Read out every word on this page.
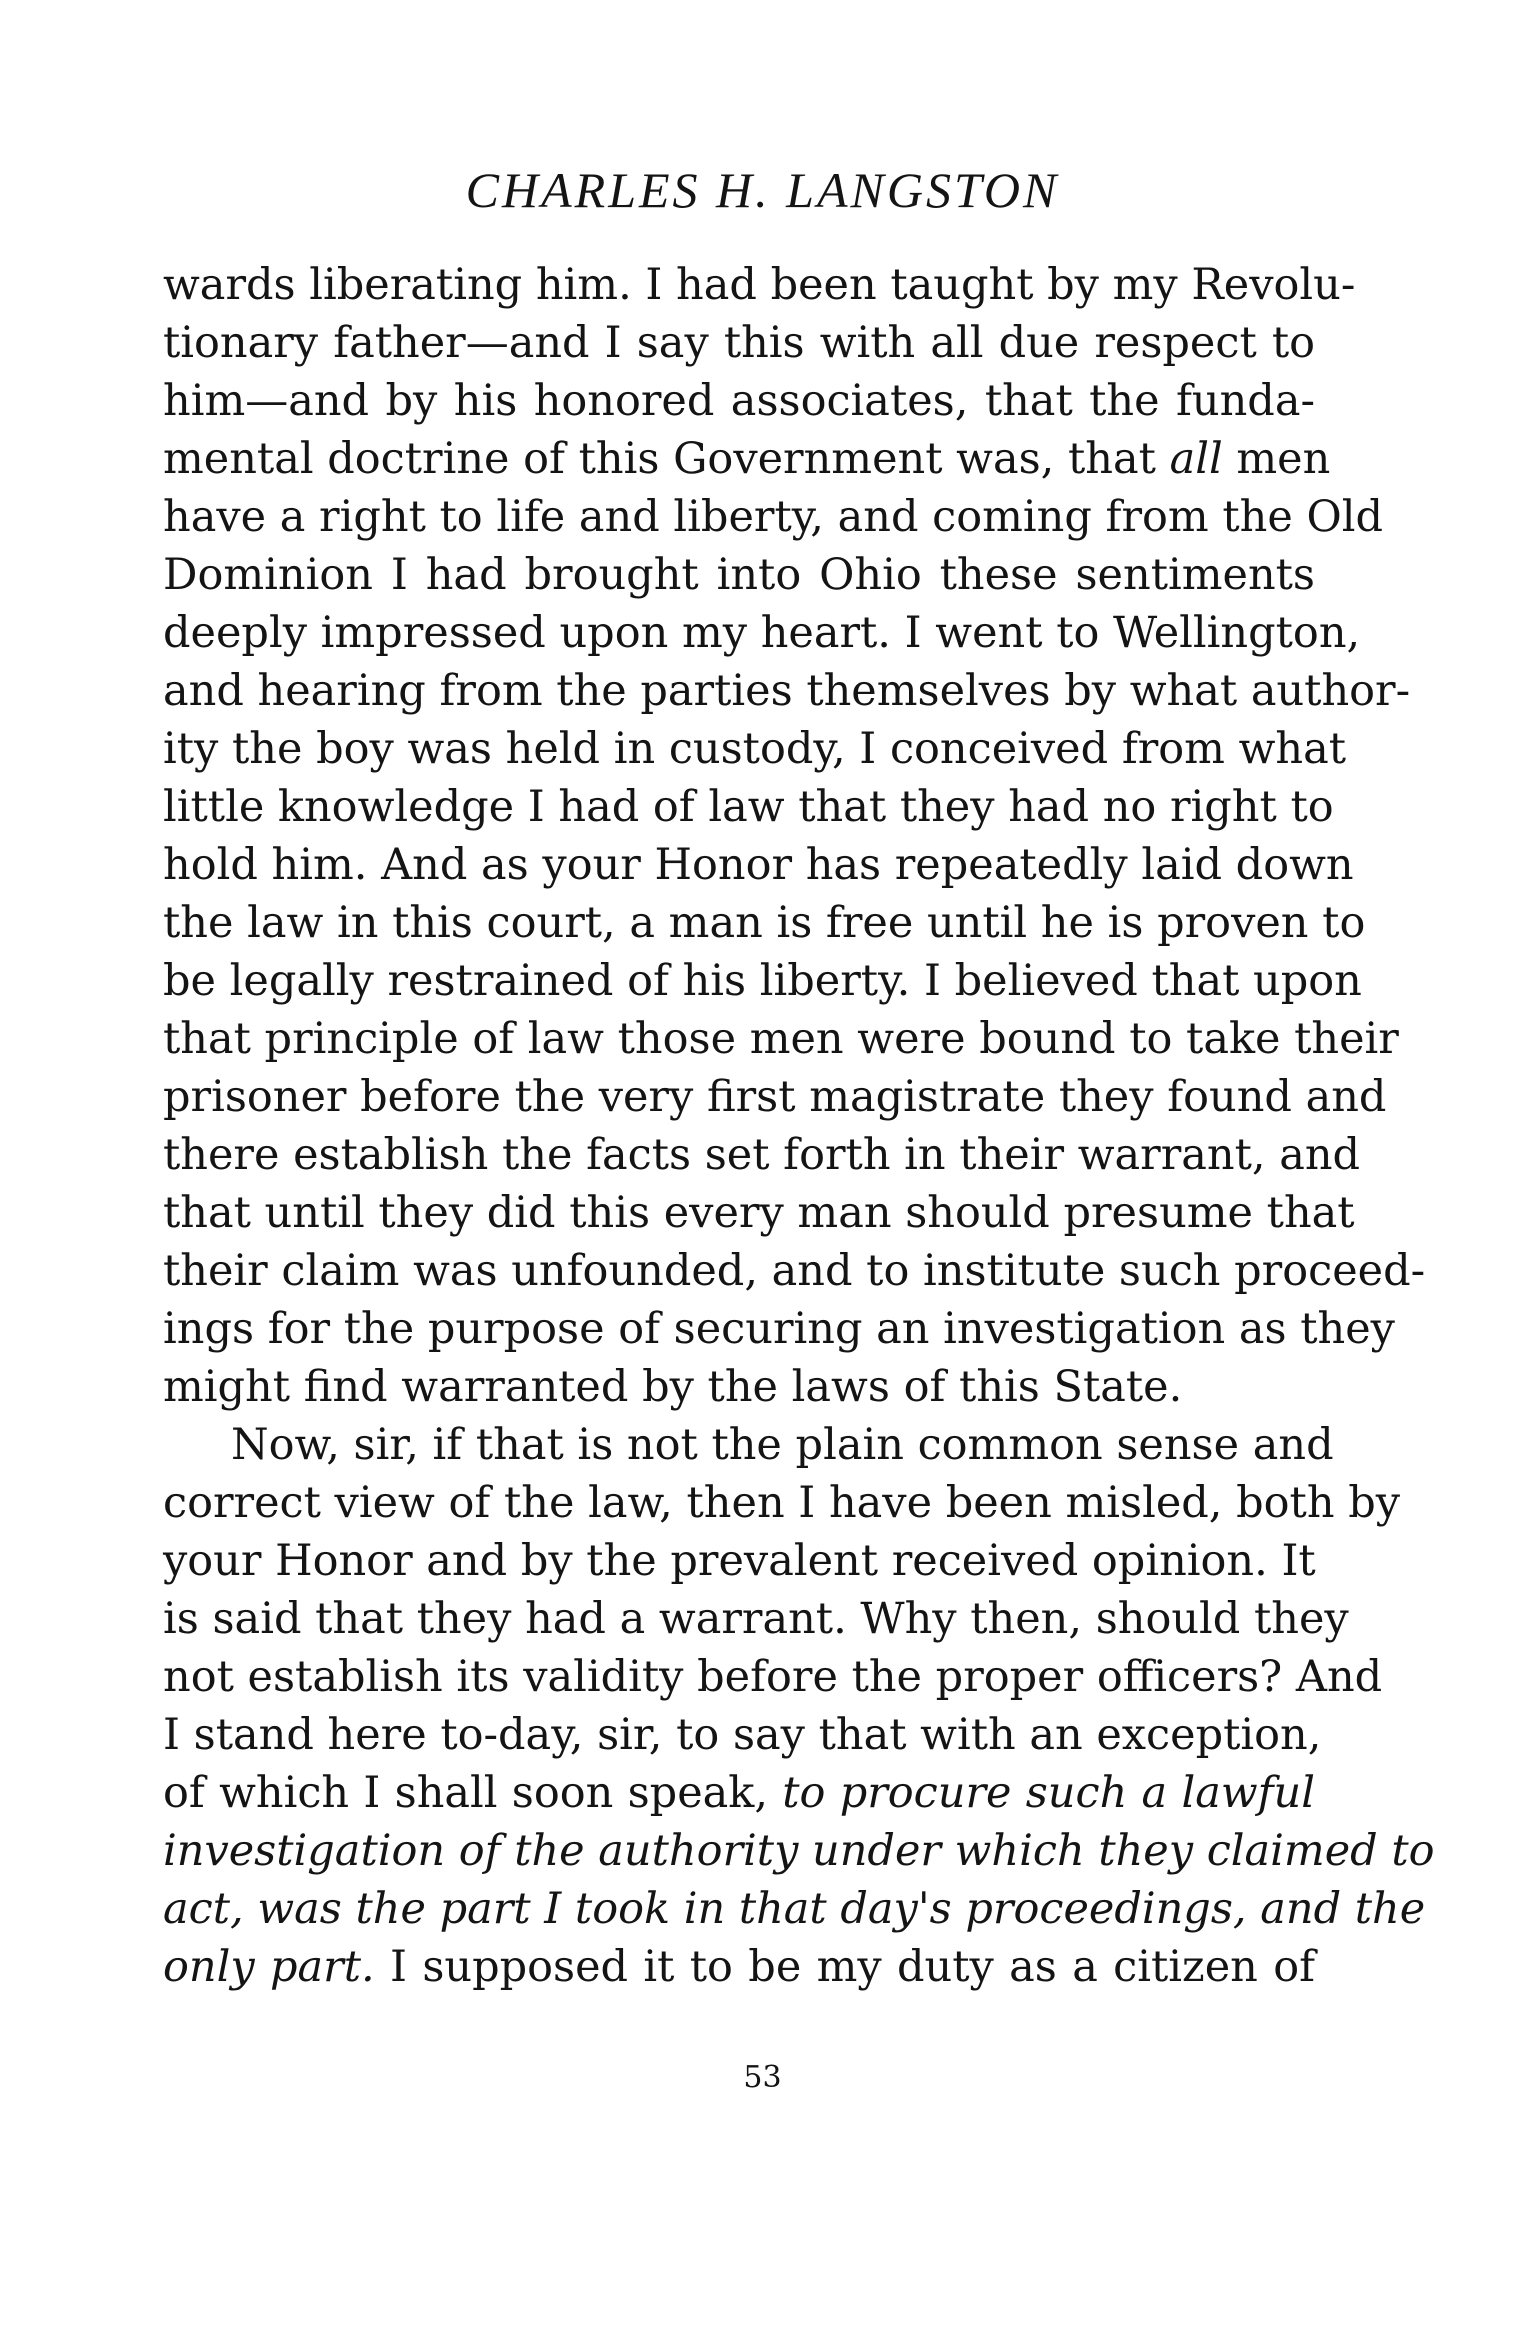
CHARLES H. LANGSTON
wards liberating him. I had been taught by my Revolu-
tionary father—and I say this with all due respect to
him—and by his honored associates, that the funda-
mental doctrine of this Government was, that all men
have a right to life and liberty, and coming from the Old
Dominion I had brought into Ohio these sentiments
deeply impressed upon my heart. I went to Wellington,
and hearing from the parties themselves by what author-
ity the boy was held in custody, I conceived from what
little knowledge I had of law that they had no right to
hold him. And as your Honor has repeatedly laid down
the law in this court, a man is free until he is proven to
be legally restrained of his liberty. I believed that upon
that principle of law those men were bound to take their
prisoner before the very first magistrate they found and
there establish the facts set forth in their warrant, and
that until they did this every man should presume that
their claim was unfounded, and to institute such proceed-
ings for the purpose of securing an investigation as they
might find warranted by the laws of this State.
Now, sir, if that is not the plain common sense and
correct view of the law, then I have been misled, both by
your Honor and by the prevalent received opinion. It
is said that they had a warrant. Why then, should they
not establish its validity before the proper officers? And
I stand here to-day, sir, to say that with an exception,
of which I shall soon speak, to procure such a lawful
investigation of the authority under which they claimed to
act, was the part I took in that day's proceedings, and the
only part. I supposed it to be my duty as a citizen of
53
